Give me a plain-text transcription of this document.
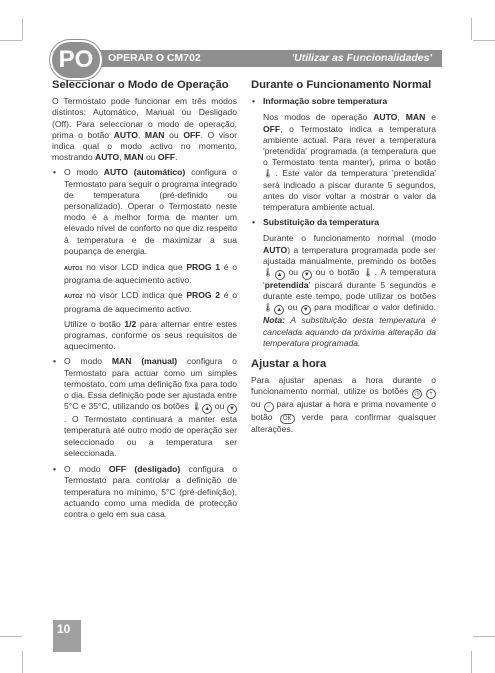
OPERAR O CM702	'Utilizar as Funcionalidades'
PO
Seleccionar o Modo de Operação

O Termostato pode funcionar em três modos distintos: Automático, Manual ou Desligado (Off). Para seleccionar o modo de operação, prima o botão AUTO, MAN ou OFF. O visor indica qual o modo activo no momento, mostrando AUTO, MAN ou OFF.

• O modo AUTO (automático) configura o Termostato para seguir o programa integrado de temperatura (pré-definido ou personalizado). Operar o Termostato neste modo é a melhor forma de manter um elevado nível de conforto no que diz respeito à temperatura e de maximizar a sua poupança de energia.

AUTO1 no visor LCD indica que PROG 1 é o programa de aquecimento activo.

AUTO2 no visor LCD indica que PROG 2 é o programa de aquecimento activo.

Utilize o botão 1/2 para alternar entre estes programas, conforme os seus requisitos de aquecimento.

• O modo MAN (manual) configura o Termostato para actuar como um simples termostato, com uma definição fixa para todo o dia. Essa definição pode ser ajustada entre 5°C e 35°C, utilizando os botões 🌡 ▲ ou ▼. O Termostato continuará a manter esta temperatura até outro modo de operação ser seleccionado ou a temperatura ser seleccionada.
• O modo OFF (desligado) configura o Termostato para controlar a definição de temperatura no mínimo, 5°C (pré-definição), actuando como uma medida de protecção contra o gelo em sua casa.
Durante o Funcionamento Normal
• Informação sobre temperatura

Nos modos de operação AUTO, MAN e OFF, o Termostato indica a temperatura ambiente actual. Para rever a temperatura 'pretendida' programada (a temperatura que o Termostato tenta manter), prima o botão 🌡. Este valor da temperatura 'pretendida' será indicado a piscar durante 5 segundos, antes do visor voltar a mostrar o valor da temperatura ambiente actual.

• Substituição da temperatura

Durante o funcionamento normal (modo AUTO) a temperatura programada pode ser ajustada manualmente, premindo os botões 🌡 ▲ ou ▼ ou o botão 🌡. A temperatura 'pretendida' piscará durante 5 segundos e durante este tempo, pode utilizar os botões 🌡 ▲ ou ▼ para modificar o valor definido. Nota: A substituição desta temperatura é cancelada aquando da próxima alteração da temperatura programada.

Ajustar a hora

Para ajustar apenas a hora durante o funcionamento normal, utilize os botões ◷ + ou − para ajustar a hora e prima novamente o botão OK verde para confirmar quaisquer alterações.

10
